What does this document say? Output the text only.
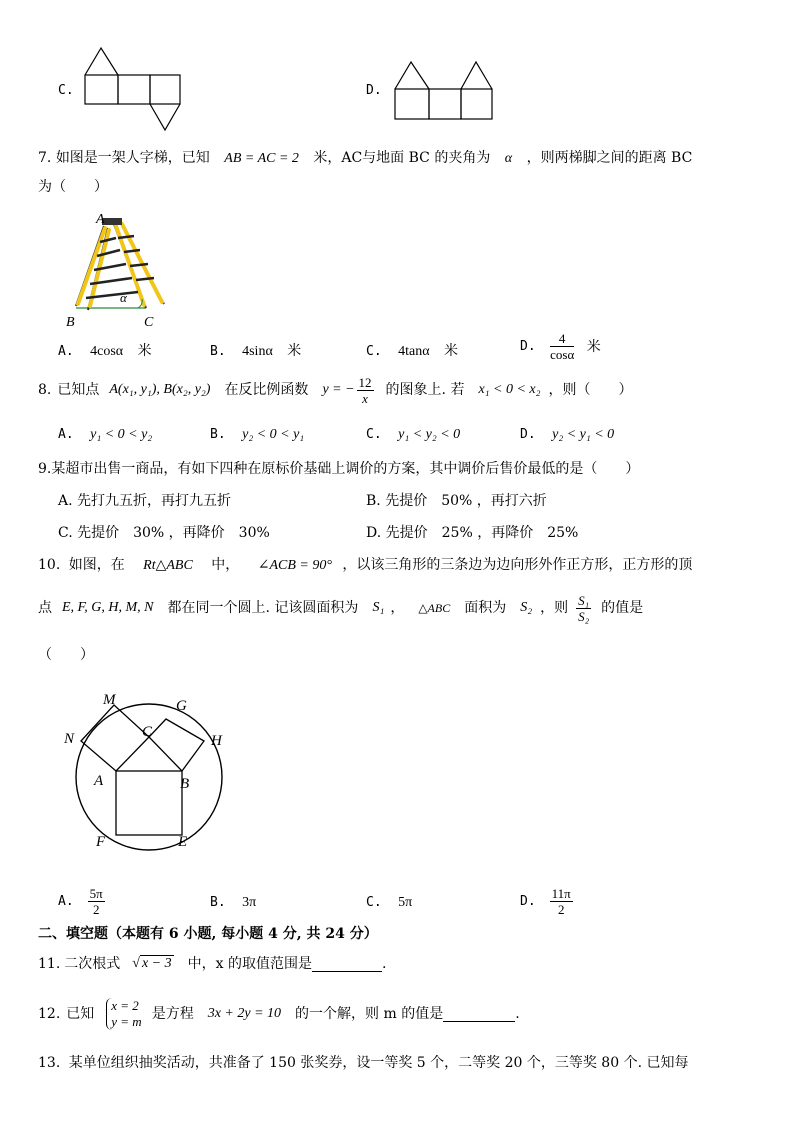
C.	D.
7. 如图是一架人字梯，已知 AB = AC = 2 米，AC与地面 BC 的夹角为 α ，则两梯脚之间的距离 BC
为（　　）
A
B	C
α
A. 4cosα 米	B. 4sinα 米	C. 4tanα 米	D. $\frac{4}{\cos\alpha}$ 米
8. 已知点 A(x₁, y₁), B(x₂, y₂) 在反比例函数 y = − $\frac{12}{x}$ 的图象上. 若 x₁ < 0 < x₂ ，则（　　）
A. y₁ < 0 < y₂	B. y₂ < 0 < y₁	C. y₁ < y₂ < 0	D. y₂ < y₁ < 0
9.某超市出售一商品，有如下四种在原标价基础上调价的方案，其中调价后售价最低的是（　　）
A. 先打九五折，再打九五折	B. 先提价　50% ，再打六折
C. 先提价　30% ，再降价　30%	D. 先提价　25% ，再降价　25%
10. 如图，在 Rt△ABC 中， ∠ACB = 90° ，以该三角形的三条边为边向形外作正方形，正方形的顶
点 E, F, G, H, M, N 都在同一个圆上. 记该圆面积为 S₁ ， △ABC 面积为 S₂ ，则 $\frac{\text{S₁}}{\text{S₂}}$ 的值是
（　　）
M	G
C
N	H
A	B
F	E
A. $\frac{5\pi}{2}$	B. 3π	C. 5π	D. $\frac{11\pi}{2}$
二、填空题（本题有 6 小题, 每小题 4 分, 共 24 分）
11. 二次根式 √ x − 3 中，x 的取值范围是	.
12. 已知
x = 2
y = m 是方程 3x + 2y = 10 的一个解，则 m 的值是	.
13. 某单位组织抽奖活动，共准备了 150 张奖券，设一等奖 5 个，二等奖 20 个，三等奖 80 个. 已知每
